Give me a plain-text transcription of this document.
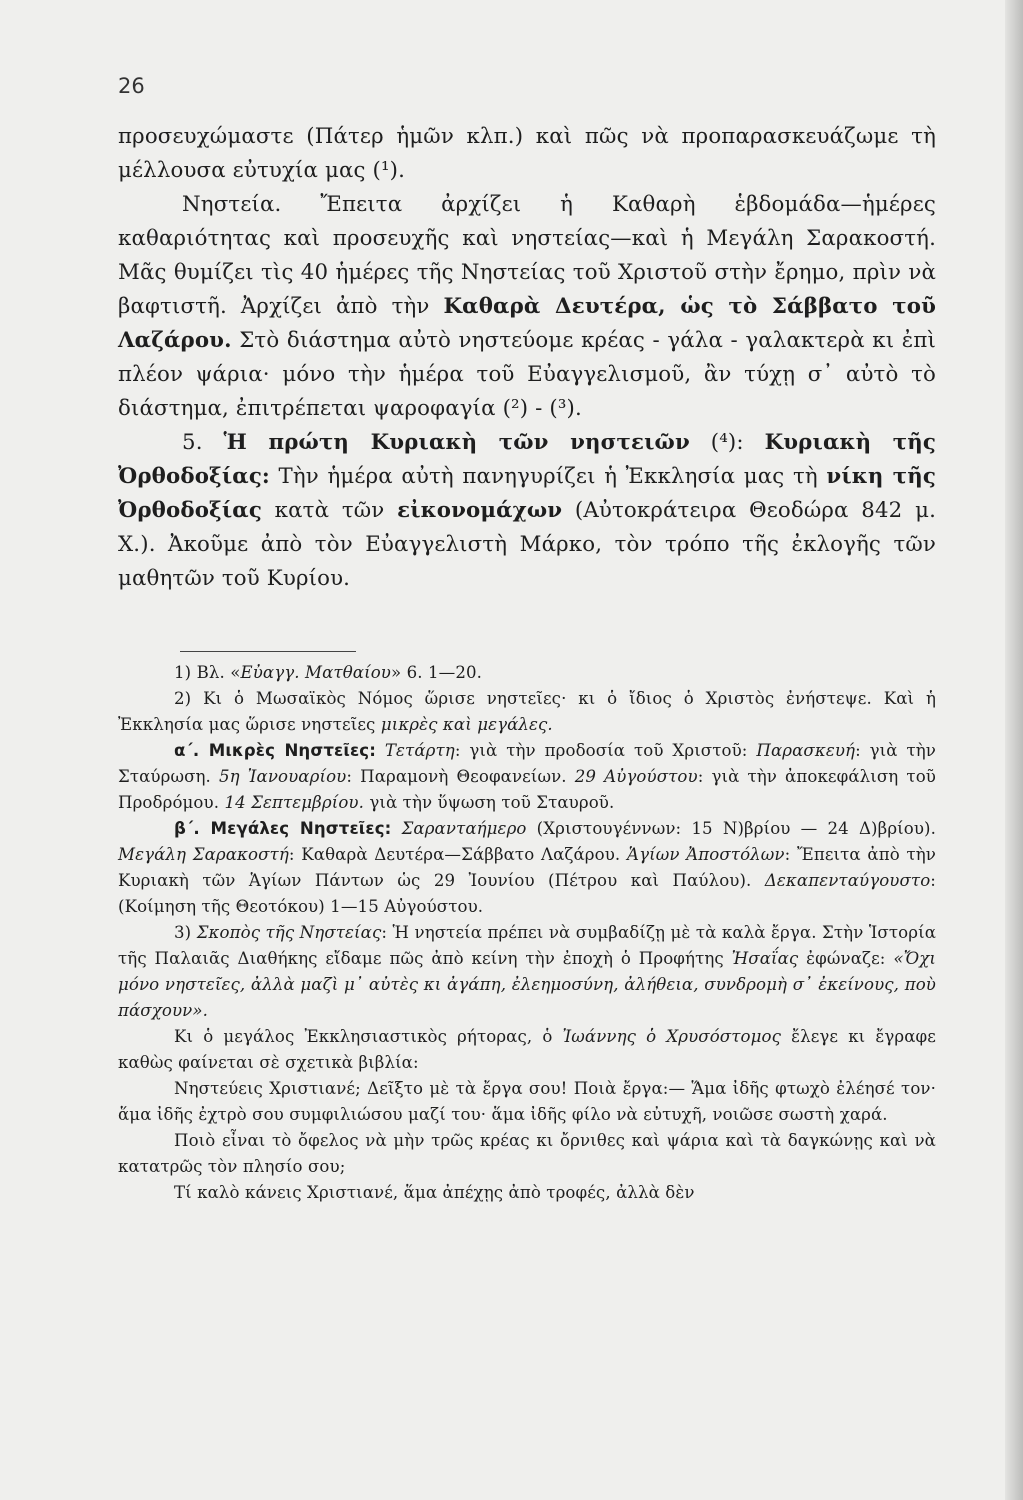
26

προσευχώμαστε (Πάτερ ἡμῶν κλπ.) καὶ πῶς νὰ προπαρασκευάζωμε τὴ μέλλουσα εὐτυχία μας (¹).

Νηστεία. Ἔπειτα ἀρχίζει ἡ Καθαρὴ ἑβδομάδα—ἡμέρες καθαριότητας καὶ προσευχῆς καὶ νηστείας—καὶ ἡ Μεγάλη Σαρακοστή. Μᾶς θυμίζει τὶς 40 ἡμέρες τῆς Νηστείας τοῦ Χριστοῦ στὴν ἔρημο, πρὶν νὰ βαφτιστῆ. Ἀρχίζει ἀπὸ τὴν Καθαρὰ Δευτέρα, ὡς τὸ Σάββατο τοῦ Λαζάρου. Στὸ διάστημα αὐτὸ νηστεύομε κρέας - γάλα - γαλακτερὰ κι ἐπὶ πλέον ψάρια· μόνο τὴν ἡμέρα τοῦ Εὐαγγελισμοῦ, ἂν τύχῃ σ᾿ αὐτὸ τὸ διάστημα, ἐπιτρέπεται ψαροφαγία (²) - (³).

5. Ἡ πρώτη Κυριακὴ τῶν νηστειῶν (⁴): Κυριακὴ τῆς Ὀρθοδοξίας: Τὴν ἡμέρα αὐτὴ πανηγυρίζει ἡ Ἐκκλησία μας τὴ νίκη τῆς Ὀρθοδοξίας κατὰ τῶν εἰκονομάχων (Αὐτοκράτειρα Θεοδώρα 842 μ. Χ.). Ἀκοῦμε ἀπὸ τὸν Εὐαγγελιστὴ Μάρκο, τὸν τρόπο τῆς ἐκλογῆς τῶν μαθητῶν τοῦ Κυρίου.

1) Βλ. «Εὐαγγ. Ματθαίου» 6. 1—20.

2) Κι ὁ Μωσαϊκὸς Νόμος ὥρισε νηστεῖες· κι ὁ ἴδιος ὁ Χριστὸς ἐνήστεψε. Καὶ ἡ Ἐκκλησία μας ὥρισε νηστεῖες μικρὲς καὶ μεγάλες.

α΄. Μικρὲς Νηστεῖες: Τετάρτη: γιὰ τὴν προδοσία τοῦ Χριστοῦ: Παρασκευή: γιὰ τὴν Σταύρωση. 5η Ἰανουαρίου: Παραμονὴ Θεοφανείων. 29 Αὐγούστου: γιὰ τὴν ἀποκεφάλιση τοῦ Προδρόμου. 14 Σεπτεμβρίου. γιὰ τὴν ὕψωση τοῦ Σταυροῦ.

β΄. Μεγάλες Νηστεῖες: Σαρανταήμερο (Χριστουγέννων: 15 Ν)βρίου — 24 Δ)βρίου). Μεγάλη Σαρακοστή: Καθαρὰ Δευτέρα—Σάββατο Λαζάρου. Ἁγίων Ἀποστόλων: Ἔπειτα ἀπὸ τὴν Κυριακὴ τῶν Ἁγίων Πάντων ὡς 29 Ἰουνίου (Πέτρου καὶ Παύλου). Δεκαπενταύγουστο: (Κοίμηση τῆς Θεοτόκου) 1—15 Αὐγούστου.

3) Σκοπὸς τῆς Νηστείας: Ἡ νηστεία πρέπει νὰ συμβαδίζῃ μὲ τὰ καλὰ ἔργα. Στὴν Ἱστορία τῆς Παλαιᾶς Διαθήκης εἴδαμε πῶς ἀπὸ κείνη τὴν ἐποχὴ ὁ Προφήτης Ἠσαΐας ἐφώναζε: «Ὄχι μόνο νηστεῖες, ἀλλὰ μαζὶ μ᾿ αὐτὲς κι ἀγάπη, ἐλεημοσύνη, ἀλήθεια, συνδρομὴ σ᾿ ἐκείνους, ποὺ πάσχουν».

Κι ὁ μεγάλος Ἐκκλησιαστικὸς ρήτορας, ὁ Ἰωάννης ὁ Χρυσόστομος ἔλεγε κι ἔγραφε καθὼς φαίνεται σὲ σχετικὰ βιβλία:

Νηστεύεις Χριστιανέ; Δεῖξτο μὲ τὰ ἔργα σου! Ποιὰ ἔργα:— Ἅμα ἰδῆς φτωχὸ ἐλέησέ τον· ἅμα ἰδῆς ἐχτρὸ σου συμφιλιώσου μαζί του· ἅμα ἰδῆς φίλο νὰ εὐτυχῆ, νοιῶσε σωστὴ χαρά.

Ποιὸ εἶναι τὸ ὄφελος νὰ μὴν τρῶς κρέας κι ὄρνιθες καὶ ψάρια καὶ τὰ δαγκώνῃς καὶ νὰ κατατρῶς τὸν πλησίο σου;

Τί καλὸ κάνεις Χριστιανέ, ἅμα ἀπέχῃς ἀπὸ τροφές, ἀλλὰ δὲν
